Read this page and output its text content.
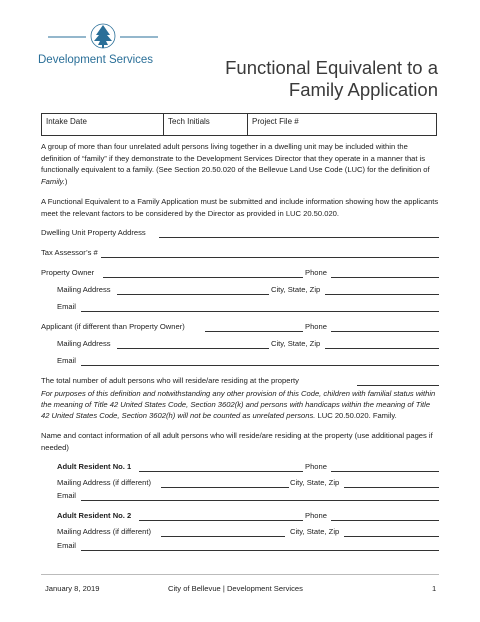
Development Services	Functional Equivalent to a
Family Application
Intake Date	Tech Initials	Project File #
A group of more than four unrelated adult persons living together in a dwelling unit may be included within the definition of “family” if they demonstrate to the Development Services Director that they operate in a manner that is functionally equivalent to a family. (See Section 20.50.020 of the Bellevue Land Use Code (LUC) for the definition of Family.)
A Functional Equivalent to a Family Application must be submitted and include information showing how the applicants meet the relevant factors to be considered by the Director as provided in LUC 20.50.020.
Dwelling Unit Property Address
Tax Assessor’s #
Property Owner	Phone
Mailing Address	City, State, Zip
Email
Applicant (if different than Property Owner)	Phone
Mailing Address	City, State, Zip
Email
The total number of adult persons who will reside/are residing at the property
For purposes of this definition and notwithstanding any other provision of this Code, children with familial status within the meaning of Title 42 United States Code, Section 3602(k) and persons with handicaps within the meaning of Title 42 United States Code, Section 3602(h) will not be counted as unrelated persons. LUC 20.50.020. Family.
Name and contact information of all adult persons who will reside/are residing at the property (use additional pages if needed)
Adult Resident No. 1	Phone
Mailing Address (if different)	City, State, Zip
Email
Adult Resident No. 2	Phone
Mailing Address (if different)	City, State, Zip
Email
January 8, 2019	City of Bellevue | Development Services	1
